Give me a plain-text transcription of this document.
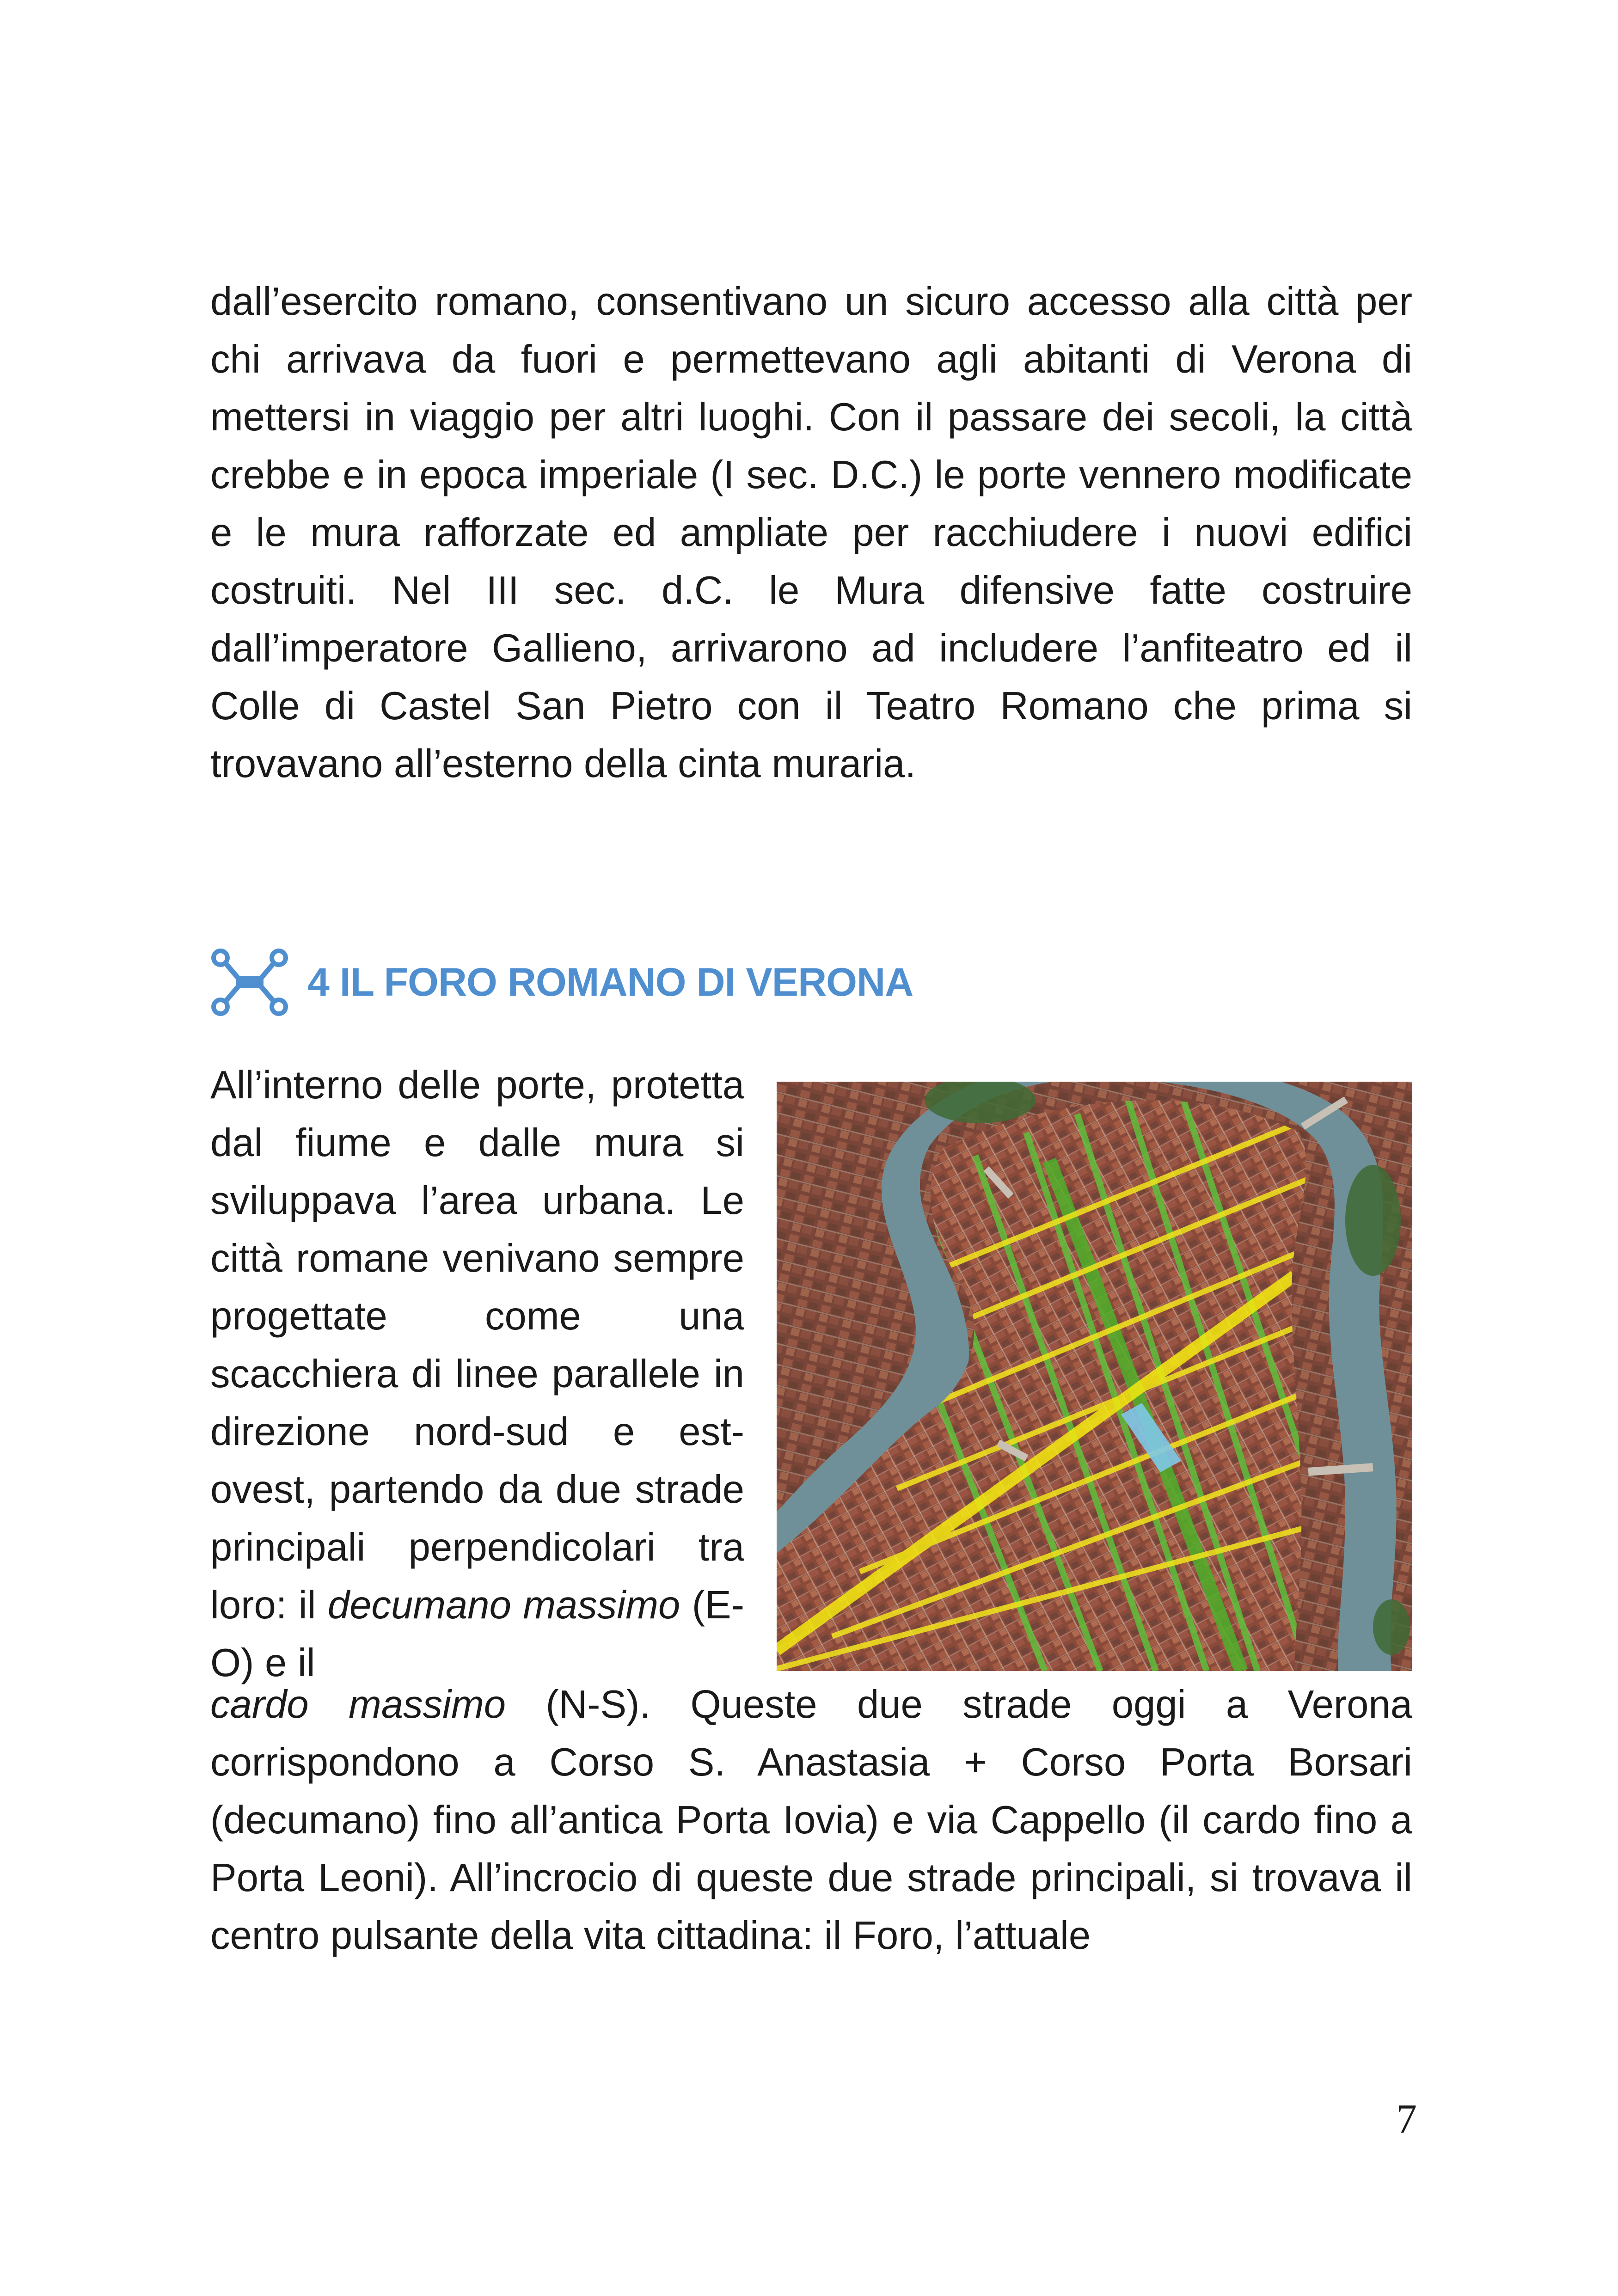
dall’esercito romano, consentivano un sicuro accesso alla città per chi arrivava da fuori e permettevano agli abitanti di Verona di mettersi in viaggio per altri luoghi. Con il passare dei secoli, la città crebbe e in epoca imperiale (I sec. D.C.) le porte vennero modificate e le mura rafforzate ed ampliate per racchiudere i nuovi edifici costruiti. Nel III sec. d.C. le Mura difensive fatte costruire dall’imperatore Gallieno, arrivarono ad includere l’anfiteatro ed il Colle di Castel San Pietro con il Teatro Romano che prima si trovavano all’esterno della cinta muraria.

4 IL FORO ROMANO DI VERONA

All’interno delle porte, protetta dal fiume e dalle mura si sviluppava l’area urbana. Le città romane venivano sempre progettate come una scacchiera di linee parallele in direzione nord-sud e est-ovest, partendo da due strade principali perpendicolari tra loro: il decumano massimo (E-O) e il

cardo massimo (N-S). Queste due strade oggi a Verona corrispondono a Corso S. Anastasia + Corso Porta Borsari (decumano) fino all’antica Porta Iovia) e via Cappello (il cardo fino a Porta Leoni). All’incrocio di queste due strade principali, si trovava il centro pulsante della vita cittadina: il Foro, l’attuale

7
